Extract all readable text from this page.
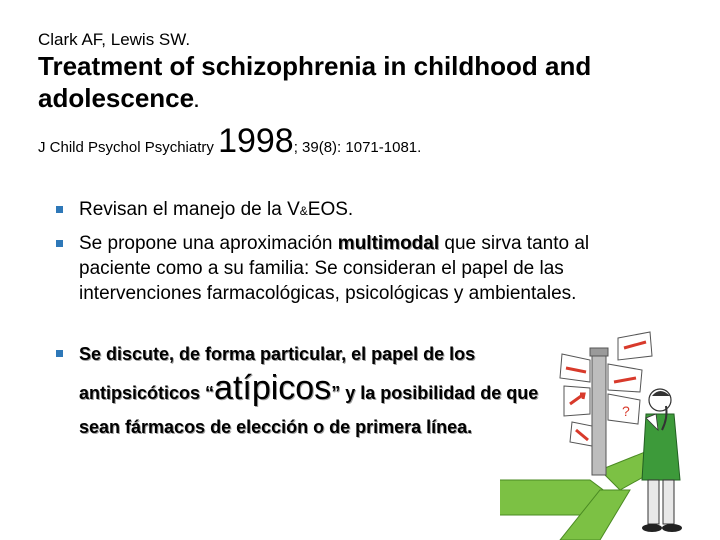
Clark AF, Lewis SW.
Treatment of schizophrenia in childhood and adolescence.
J Child Psychol Psychiatry 1998; 39(8): 1071-1081.
Revisan el manejo de la V&EOS.
Se propone una aproximación multimodal que sirva tanto al paciente como a su familia: Se consideran el papel de las intervenciones farmacológicas, psicológicas y ambientales.
Se discute, de forma particular, el papel de los
antipsicóticos “atípicos” y la posibilidad de que sean fármacos de elección o de primera línea.
?
